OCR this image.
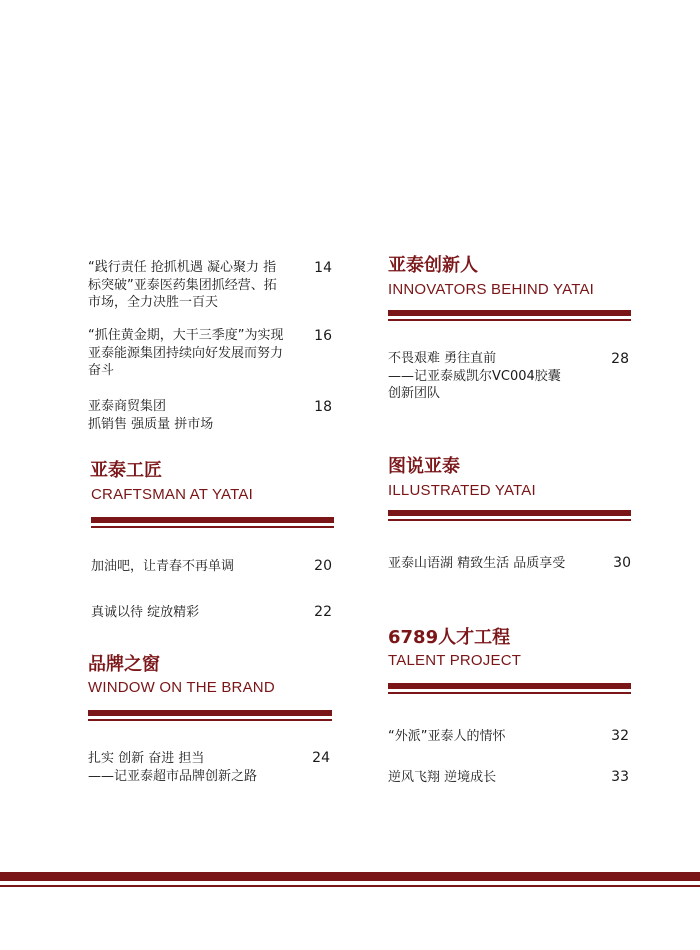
“践行责任 抢抓机遇 凝心聚力 指
标突破”亚泰医药集团抓经营、拓
市场，全力决胜一百天
14
“抓住黄金期，大干三季度”为实现
亚泰能源集团持续向好发展而努力
奋斗
16
亚泰商贸集团
抓销售 强质量 拼市场
18
亚泰工匠
CRAFTSMAN AT YATAI
加油吧，让青春不再单调	20
真诚以待 绽放精彩	22
品牌之窗
WINDOW ON THE BRAND
扎实 创新 奋进 担当
——记亚泰超市品牌创新之路
24
亚泰创新人
INNOVATORS BEHIND YATAI
不畏艰难 勇往直前
——记亚泰威凯尔VC004胶囊
创新团队
28
图说亚泰
ILLUSTRATED YATAI
亚泰山语湖 精致生活 品质享受	30
6789人才工程
TALENT PROJECT
“外派”亚泰人的情怀	32
逆风飞翔 逆境成长	33
